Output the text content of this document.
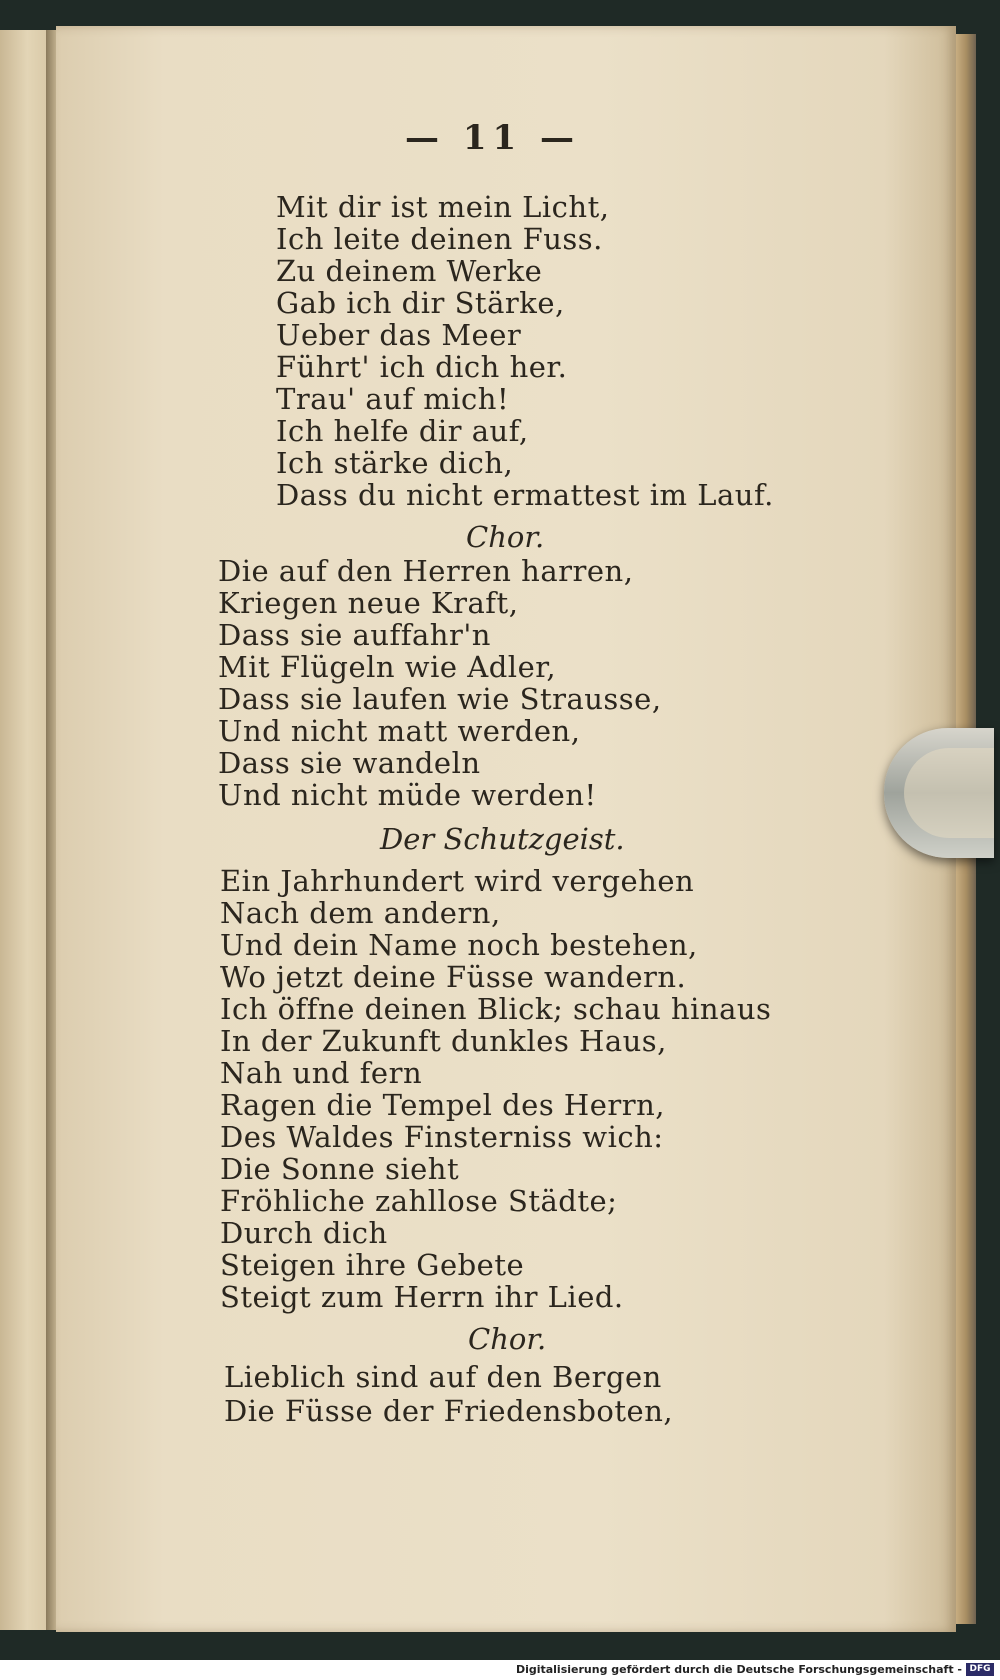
— 11 —
Mit dir ist mein Licht,
Ich leite deinen Fuss.
Zu deinem Werke
Gab ich dir Stärke,
Ueber das Meer
Führt' ich dich her.
Trau' auf mich!
Ich helfe dir auf,
Ich stärke dich,
Dass du nicht ermattest im Lauf.
Chor.
Die auf den Herren harren,
Kriegen neue Kraft,
Dass sie auffahr'n
Mit Flügeln wie Adler,
Dass sie laufen wie Strausse,
Und nicht matt werden,
Dass sie wandeln
Und nicht müde werden!
Der Schutzgeist.
Ein Jahrhundert wird vergehen
Nach dem andern,
Und dein Name noch bestehen,
Wo jetzt deine Füsse wandern.
Ich öffne deinen Blick; schau hinaus
In der Zukunft dunkles Haus,
Nah und fern
Ragen die Tempel des Herrn,
Des Waldes Finsterniss wich:
Die Sonne sieht
Fröhliche zahllose Städte;
Durch dich
Steigen ihre Gebete
Steigt zum Herrn ihr Lied.
Chor.
Lieblich sind auf den Bergen
Die Füsse der Friedensboten,
Digitalisierung gefördert durch die Deutsche Forschungsgemeinschaft - DFG
